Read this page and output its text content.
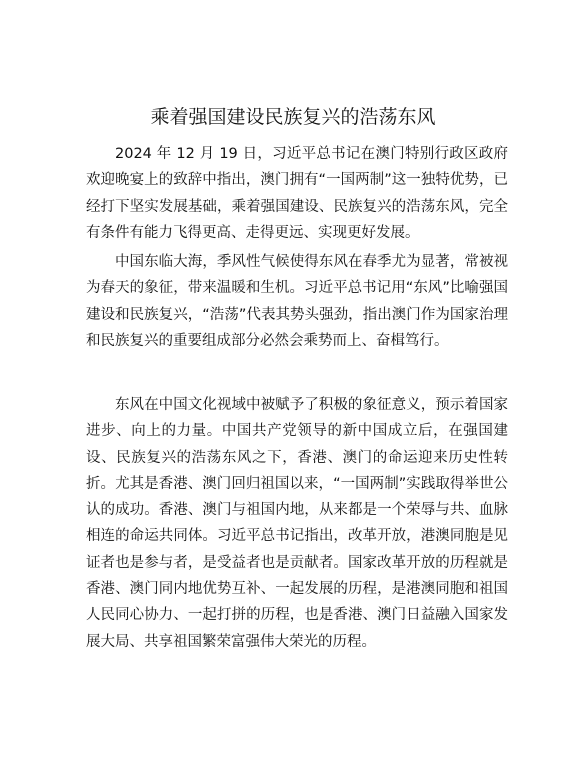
乘着强国建设民族复兴的浩荡东风

2024 年 12 月 19 日，习近平总书记在澳门特别行政区政府欢迎晚宴上的致辞中指出，澳门拥有“一国两制”这一独特优势，已经打下坚实发展基础，乘着强国建设、民族复兴的浩荡东风，完全有条件有能力飞得更高、走得更远、实现更好发展。

中国东临大海，季风性气候使得东风在春季尤为显著，常被视为春天的象征，带来温暖和生机。习近平总书记用“东风”比喻强国建设和民族复兴，“浩荡”代表其势头强劲，指出澳门作为国家治理和民族复兴的重要组成部分必然会乘势而上、奋楫笃行。

东风在中国文化视域中被赋予了积极的象征意义，预示着国家进步、向上的力量。中国共产党领导的新中国成立后，在强国建设、民族复兴的浩荡东风之下，香港、澳门的命运迎来历史性转折。尤其是香港、澳门回归祖国以来，“一国两制”实践取得举世公认的成功。香港、澳门与祖国内地，从来都是一个荣辱与共、血脉相连的命运共同体。习近平总书记指出，改革开放，港澳同胞是见证者也是参与者，是受益者也是贡献者。国家改革开放的历程就是香港、澳门同内地优势互补、一起发展的历程，是港澳同胞和祖国人民同心协力、一起打拼的历程，也是香港、澳门日益融入国家发展大局、共享祖国繁荣富强伟大荣光的历程。
